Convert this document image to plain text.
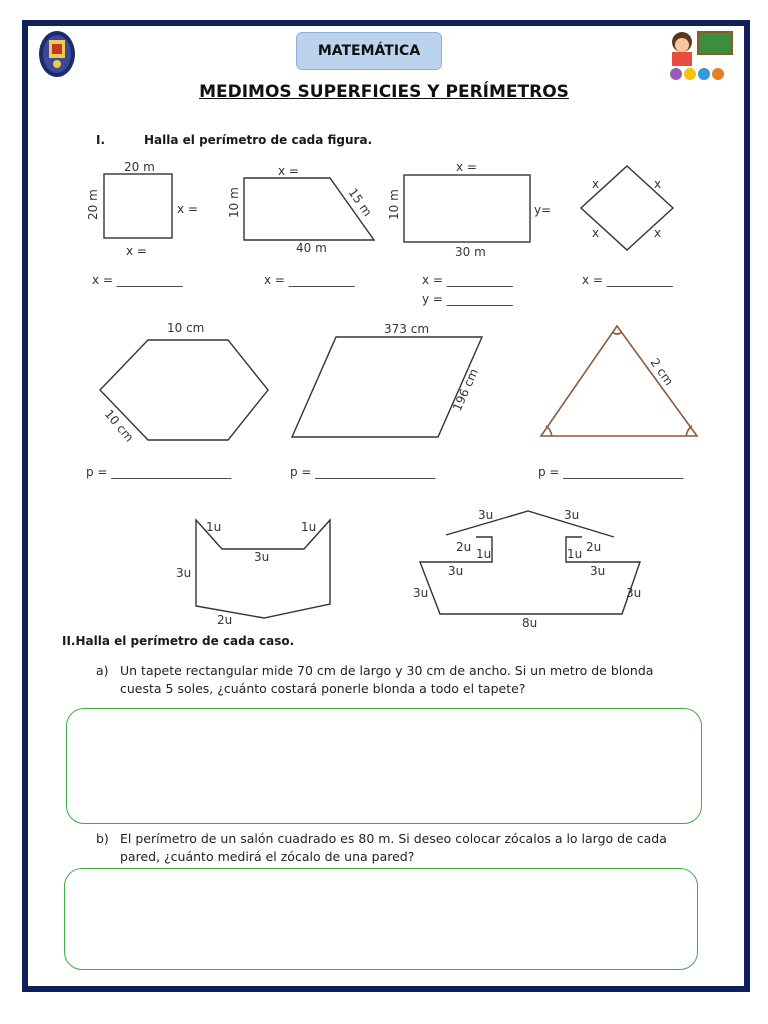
MATEMÁTICA
MEDIMOS SUPERFICIES Y PERÍMETROS
I.	Halla el perímetro de cada figura.
20 m
20 m	x =
x =
x = ___________
x =
10 m	15 m
40 m
x = ___________
x =
10 m	y=
30 m
x = ___________
y = ___________
x	x
x	x
x = ___________
10 cm
10 cm
p = ____________________
373 cm
196 cm
p = ____________________
2 cm
p = ____________________
1u	1u
3u
3u
2u
3u	3u
2u 1u	1u 2u
3u	3u
3u	3u
8u
II.Halla el perímetro de cada caso.
a) Un tapete rectangular mide 70 cm de largo y 30 cm de ancho. Si un metro de blonda cuesta 5 soles, ¿cuánto costará ponerle blonda a todo el tapete?
b) El perímetro de un salón cuadrado es 80 m. Si deseo colocar zócalos a lo largo de cada pared, ¿cuánto medirá el zócalo de una pared?
